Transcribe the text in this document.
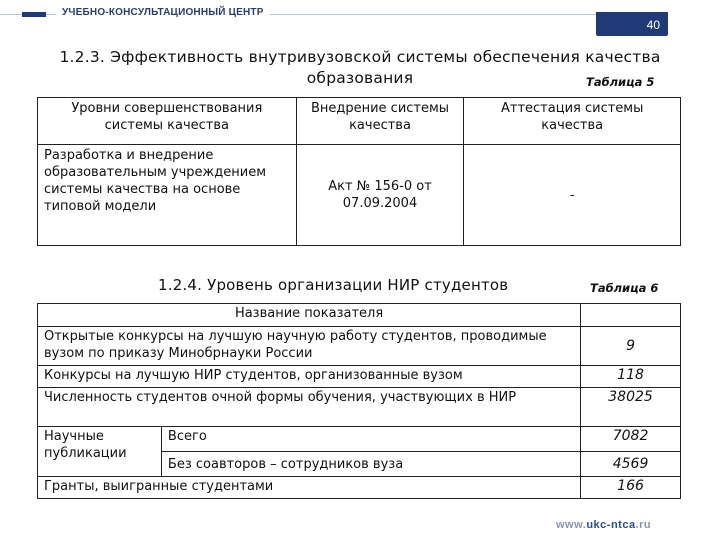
УЧЕБНО-КОНСУЛЬТАЦИОННЫЙ ЦЕНТР
40
1.2.3. Эффективность внутривузовской системы обеспечения качества
образования	Таблица 5
Уровни совершенствования системы качества	Внедрение системы качества	Аттестация системы качества
Разработка и внедрение образовательным учреждением системы качества на основе типовой модели	Акт № 156-0 от 07.09.2004	-
1.2.4. Уровень организации НИР студентов	Таблица 6
Название показателя		
Открытые конкурсы на лучшую научную работу студентов, проводимые вузом по приказу Минобрнауки России		9
Конкурсы на лучшую НИР студентов, организованные вузом		118
Численность студентов очной формы обучения, участвующих в НИР		38025
Научные публикации	Всего	7082
	Без соавторов – сотрудников вуза	4569
Гранты, выигранные студентами		166
www.ukc-ntca.ru
